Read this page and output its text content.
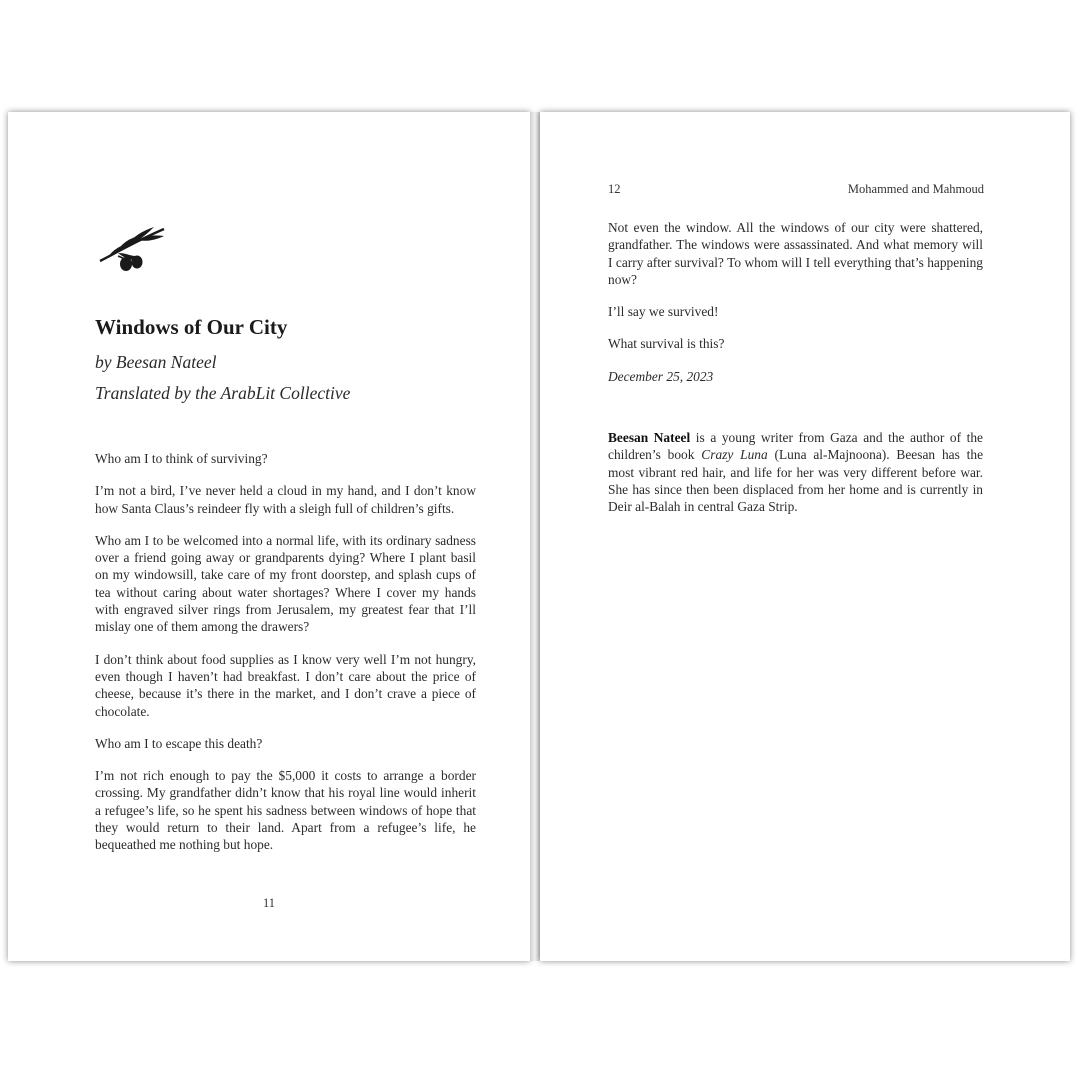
Windows of Our City
by Beesan Nateel
Translated by the ArabLit Collective

Who am I to think of surviving?

I’m not a bird, I’ve never held a cloud in my hand, and I don’t know how Santa Claus’s reindeer fly with a sleigh full of children’s gifts.

Who am I to be welcomed into a normal life, with its ordinary sadness over a friend going away or grandparents dying? Where I plant basil on my windowsill, take care of my front doorstep, and splash cups of tea without caring about water shortages? Where I cover my hands with engraved silver rings from Jerusalem, my greatest fear that I’ll mislay one of them among the drawers?

I don’t think about food supplies as I know very well I’m not hungry, even though I haven’t had breakfast. I don’t care about the price of cheese, because it’s there in the market, and I don’t crave a piece of chocolate.

Who am I to escape this death?

I’m not rich enough to pay the $5,000 it costs to arrange a border crossing. My grandfather didn’t know that his royal line would inherit a refugee’s life, so he spent his sadness between windows of hope that they would return to their land. Apart from a refugee’s life, he bequeathed me nothing but hope.

11
12	Mohammed and Mahmoud

Not even the window. All the windows of our city were shattered, grandfather. The windows were assassinated. And what memory will I carry after survival? To whom will I tell everything that’s happening now?

I’ll say we survived!

What survival is this?

December 25, 2023

Beesan Nateel is a young writer from Gaza and the author of the children’s book Crazy Luna (Luna al-Majnoona). Beesan has the most vibrant red hair, and life for her was very different before war. She has since then been displaced from her home and is currently in Deir al-Balah in central Gaza Strip.
